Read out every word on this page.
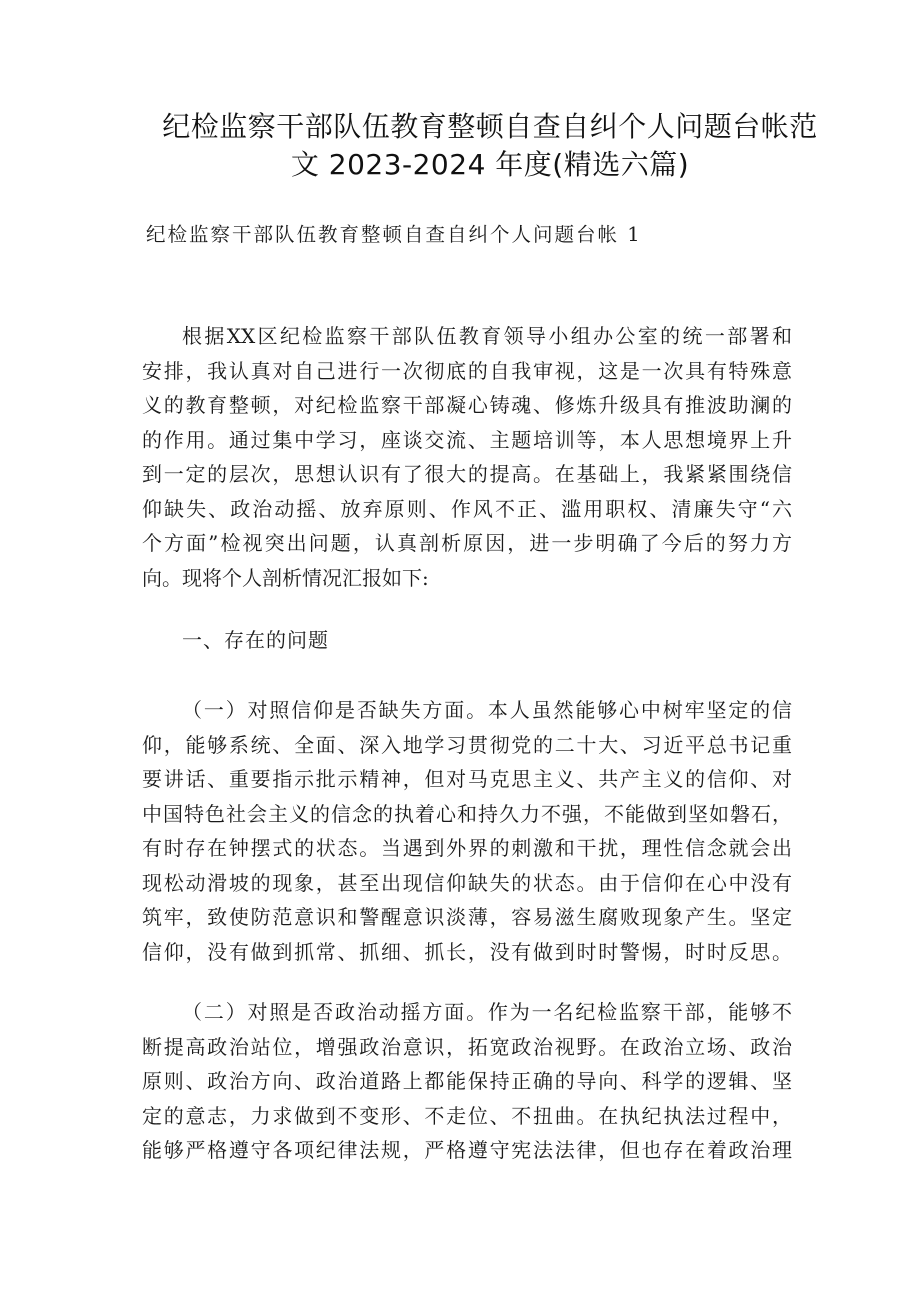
纪检监察干部队伍教育整顿自查自纠个人问题台帐范
文 2023-2024 年度(精选六篇)
纪检监察干部队伍教育整顿自查自纠个人问题台帐 1
根据XX区纪检监察干部队伍教育领导小组办公室的统一部署和
安排，我认真对自己进行一次彻底的自我审视，这是一次具有特殊意
义的教育整顿，对纪检监察干部凝心铸魂、修炼升级具有推波助澜的
的作用。通过集中学习，座谈交流、主题培训等，本人思想境界上升
到一定的层次，思想认识有了很大的提高。在基础上，我紧紧围绕信
仰缺失、政治动摇、放弃原则、作风不正、滥用职权、清廉失守“六
个方面”检视突出问题，认真剖析原因，进一步明确了今后的努力方
向。现将个人剖析情况汇报如下:
一、存在的问题
（一）对照信仰是否缺失方面。本人虽然能够心中树牢坚定的信
仰，能够系统、全面、深入地学习贯彻党的二十大、习近平总书记重
要讲话、重要指示批示精神，但对马克思主义、共产主义的信仰、对
中国特色社会主义的信念的执着心和持久力不强，不能做到坚如磐石，
有时存在钟摆式的状态。当遇到外界的刺激和干扰，理性信念就会出
现松动滑坡的现象，甚至出现信仰缺失的状态。由于信仰在心中没有
筑牢，致使防范意识和警醒意识淡薄，容易滋生腐败现象产生。坚定
信仰，没有做到抓常、抓细、抓长，没有做到时时警惕，时时反思。
（二）对照是否政治动摇方面。作为一名纪检监察干部，能够不
断提高政治站位，增强政治意识，拓宽政治视野。在政治立场、政治
原则、政治方向、政治道路上都能保持正确的导向、科学的逻辑、坚
定的意志，力求做到不变形、不走位、不扭曲。在执纪执法过程中，
能够严格遵守各项纪律法规，严格遵守宪法法律，但也存在着政治理
